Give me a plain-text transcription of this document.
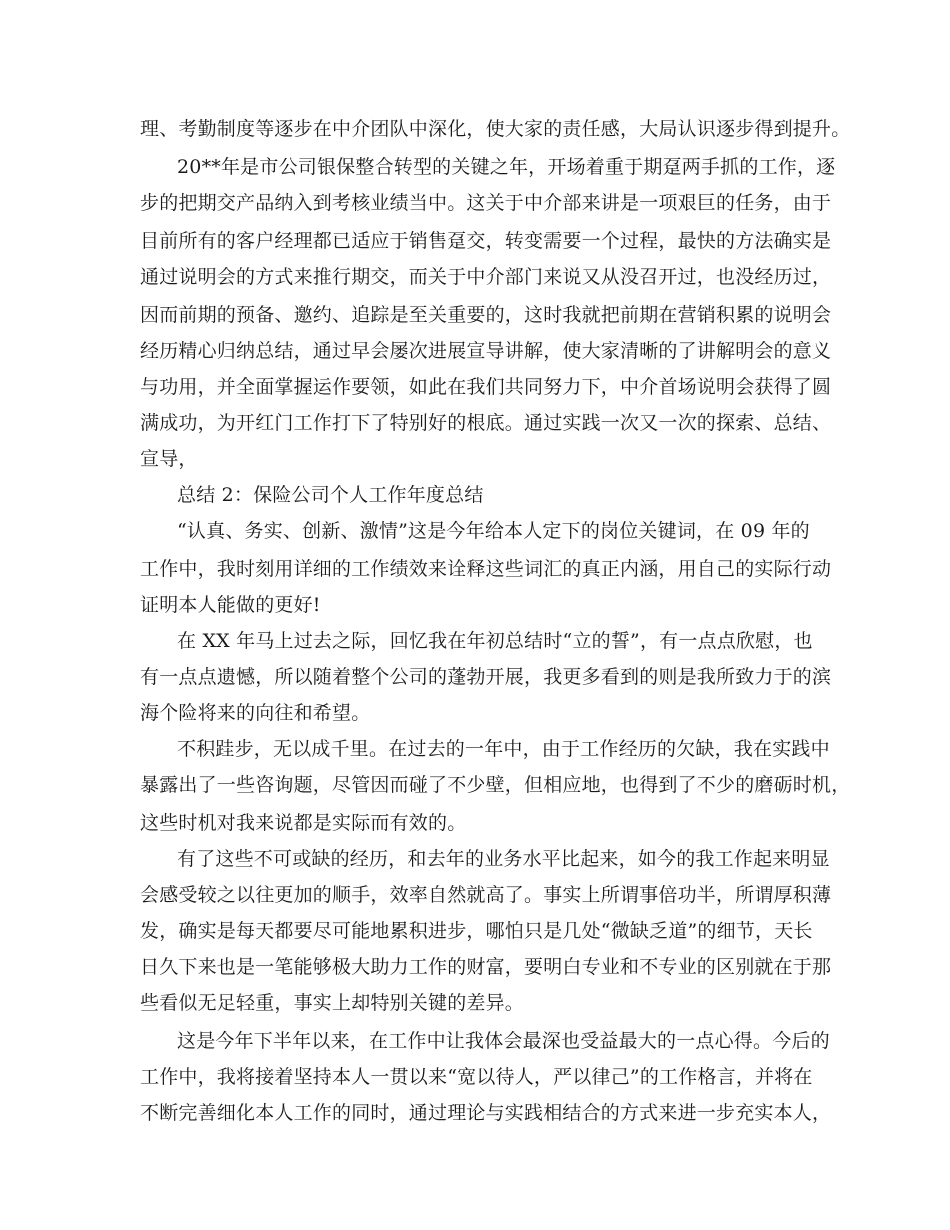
理、考勤制度等逐步在中介团队中深化，使大家的责任感，大局认识逐步得到提升。
20**年是市公司银保整合转型的关键之年，开场着重于期趸两手抓的工作，逐
步的把期交产品纳入到考核业绩当中。这关于中介部来讲是一项艰巨的任务，由于
目前所有的客户经理都已适应于销售趸交，转变需要一个过程，最快的方法确实是
通过说明会的方式来推行期交，而关于中介部门来说又从没召开过，也没经历过，
因而前期的预备、邀约、追踪是至关重要的，这时我就把前期在营销积累的说明会
经历精心归纳总结，通过早会屡次进展宣导讲解，使大家清晰的了讲解明会的意义
与功用，并全面掌握运作要领，如此在我们共同努力下，中介首场说明会获得了圆
满成功，为开红门工作打下了特别好的根底。通过实践一次又一次的探索、总结、
宣导，
总结 2：保险公司个人工作年度总结
“认真、务实、创新、激情”这是今年给本人定下的岗位关键词，在 09 年的
工作中，我时刻用详细的工作绩效来诠释这些词汇的真正内涵，用自己的实际行动
证明本人能做的更好!
在 XX 年马上过去之际，回忆我在年初总结时“立的誓”，有一点点欣慰，也
有一点点遗憾，所以随着整个公司的蓬勃开展，我更多看到的则是我所致力于的滨
海个险将来的向往和希望。
不积跬步，无以成千里。在过去的一年中，由于工作经历的欠缺，我在实践中
暴露出了一些咨询题，尽管因而碰了不少壁，但相应地，也得到了不少的磨砺时机，
这些时机对我来说都是实际而有效的。
有了这些不可或缺的经历，和去年的业务水平比起来，如今的我工作起来明显
会感受较之以往更加的顺手，效率自然就高了。事实上所谓事倍功半，所谓厚积薄
发，确实是每天都要尽可能地累积进步，哪怕只是几处“微缺乏道”的细节，天长
日久下来也是一笔能够极大助力工作的财富，要明白专业和不专业的区别就在于那
些看似无足轻重，事实上却特别关键的差异。
这是今年下半年以来，在工作中让我体会最深也受益最大的一点心得。今后的
工作中，我将接着坚持本人一贯以来“宽以待人，严以律己”的工作格言，并将在
不断完善细化本人工作的同时，通过理论与实践相结合的方式来进一步充实本人，
